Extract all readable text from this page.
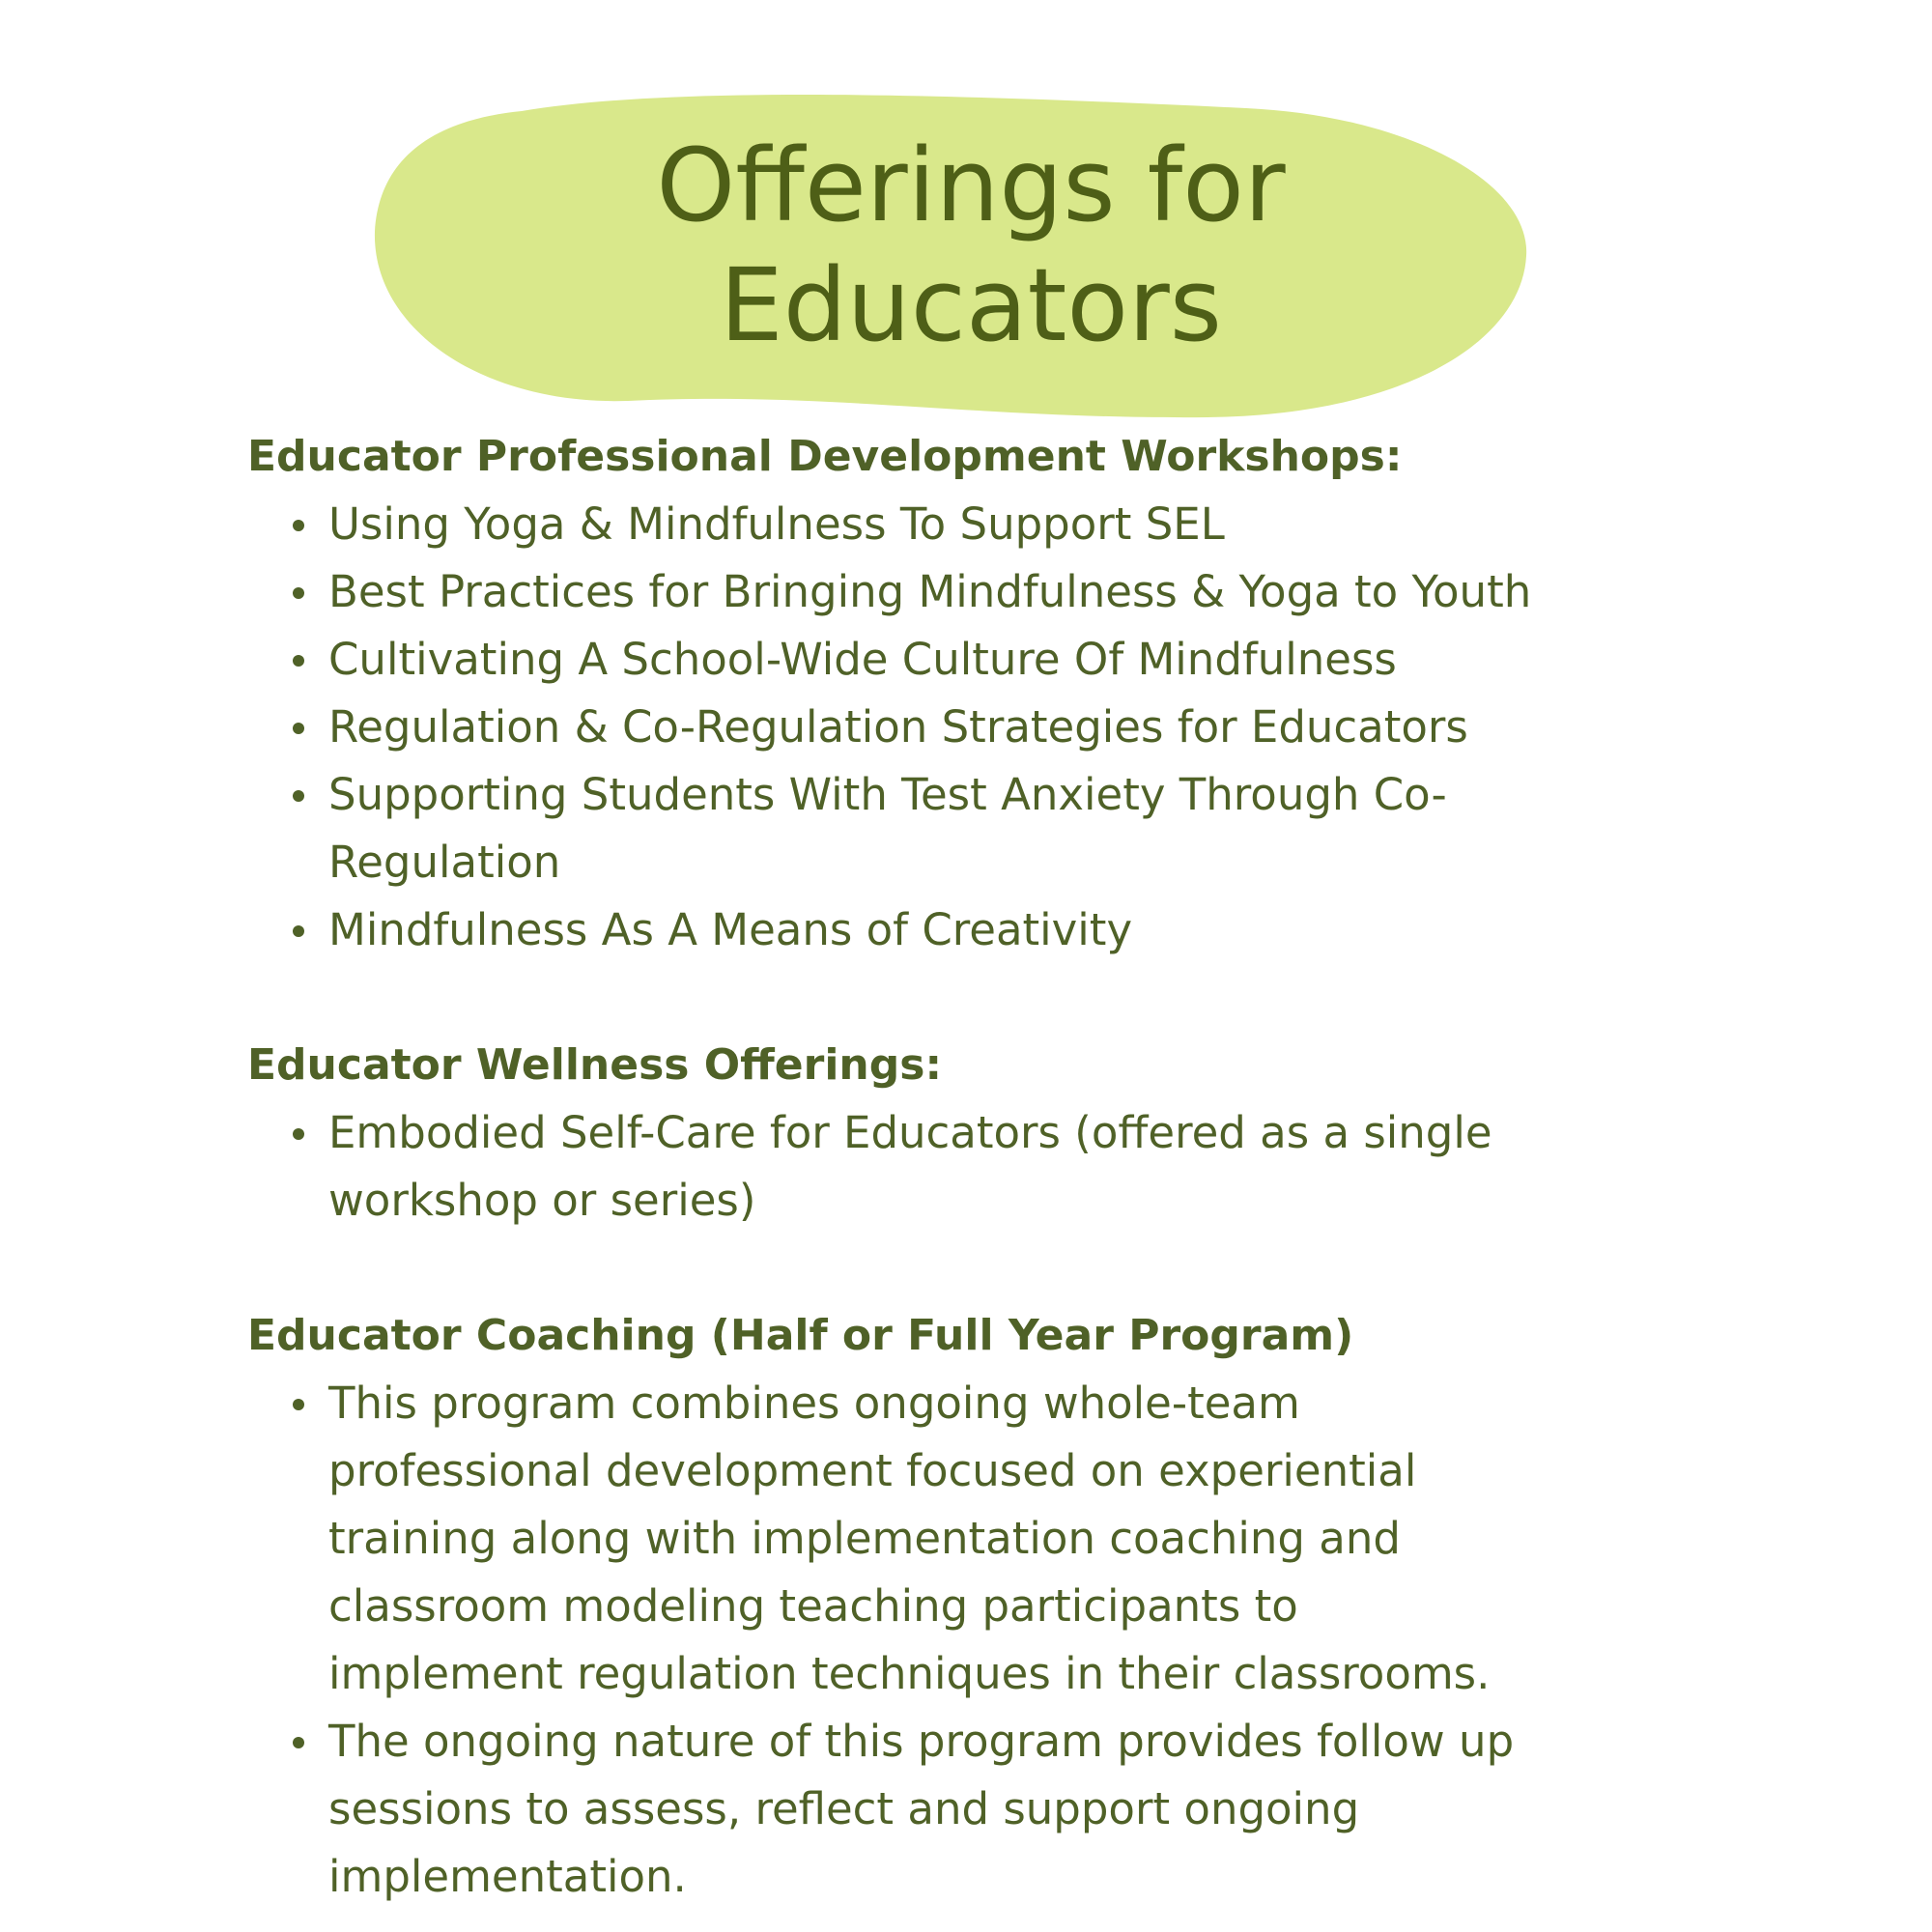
Offerings for
Educators

Educator Professional Development Workshops:

Using Yoga & Mindfulness To Support SEL
Best Practices for Bringing Mindfulness & Yoga to Youth
Cultivating A School-Wide Culture Of Mindfulness
Regulation & Co-Regulation Strategies for Educators
Supporting Students With Test Anxiety Through Co-Regulation
Mindfulness As A Means of Creativity

Educator Wellness Offerings:

Embodied Self-Care for Educators (offered as a single workshop or series)

Educator Coaching (Half or Full Year Program)

This program combines ongoing whole-team professional development focused on experiential training along with implementation coaching and classroom modeling teaching participants to implement regulation techniques in their classrooms.
The ongoing nature of this program provides follow up sessions to assess, reflect and support ongoing implementation.
